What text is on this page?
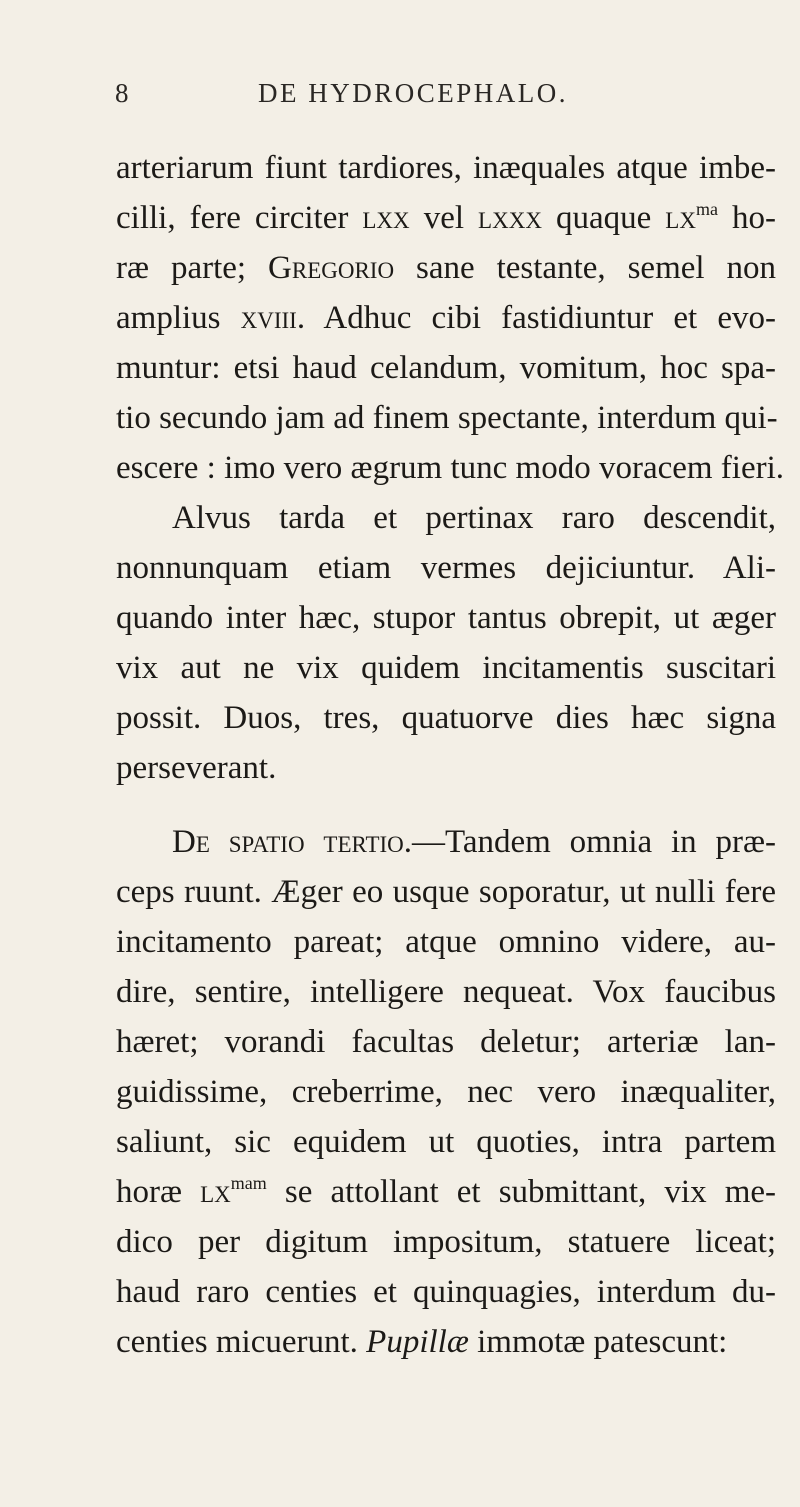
8	DE HYDROCEPHALO.
arteriarum fiunt tardiores, inæquales atque imbe-
cilli, fere circiter lxx vel lxxx quaque $lx^{ma}$ ho-
ræ parte; Gregorio sane testante, semel non
amplius xviii. Adhuc cibi fastidiuntur et evo-
muntur: etsi haud celandum, vomitum, hoc spa-
tio secundo jam ad finem spectante, interdum qui-
escere : imo vero ægrum tunc modo voracem fieri.
Alvus tarda et pertinax raro descendit,
nonnunquam etiam vermes dejiciuntur. Ali-
quando inter hæc, stupor tantus obrepit, ut æger
vix aut ne vix quidem incitamentis suscitari
possit. Duos, tres, quatuorve dies hæc signa
perseverant.
De spatio tertio.—Tandem omnia in præ-
ceps ruunt. Æger eo usque soporatur, ut nulli fere
incitamento pareat; atque omnino videre, au-
dire, sentire, intelligere nequeat. Vox faucibus
hæret; vorandi facultas deletur; arteriæ lan-
guidissime, creberrime, nec vero inæqualiter,
saliunt, sic equidem ut quoties, intra partem
horæ $lx^{mam}$ se attollant et submittant, vix me-
dico per digitum impositum, statuere liceat;
haud raro centies et quinquagies, interdum du-
centies micuerunt. Pupillæ immotæ patescunt:
